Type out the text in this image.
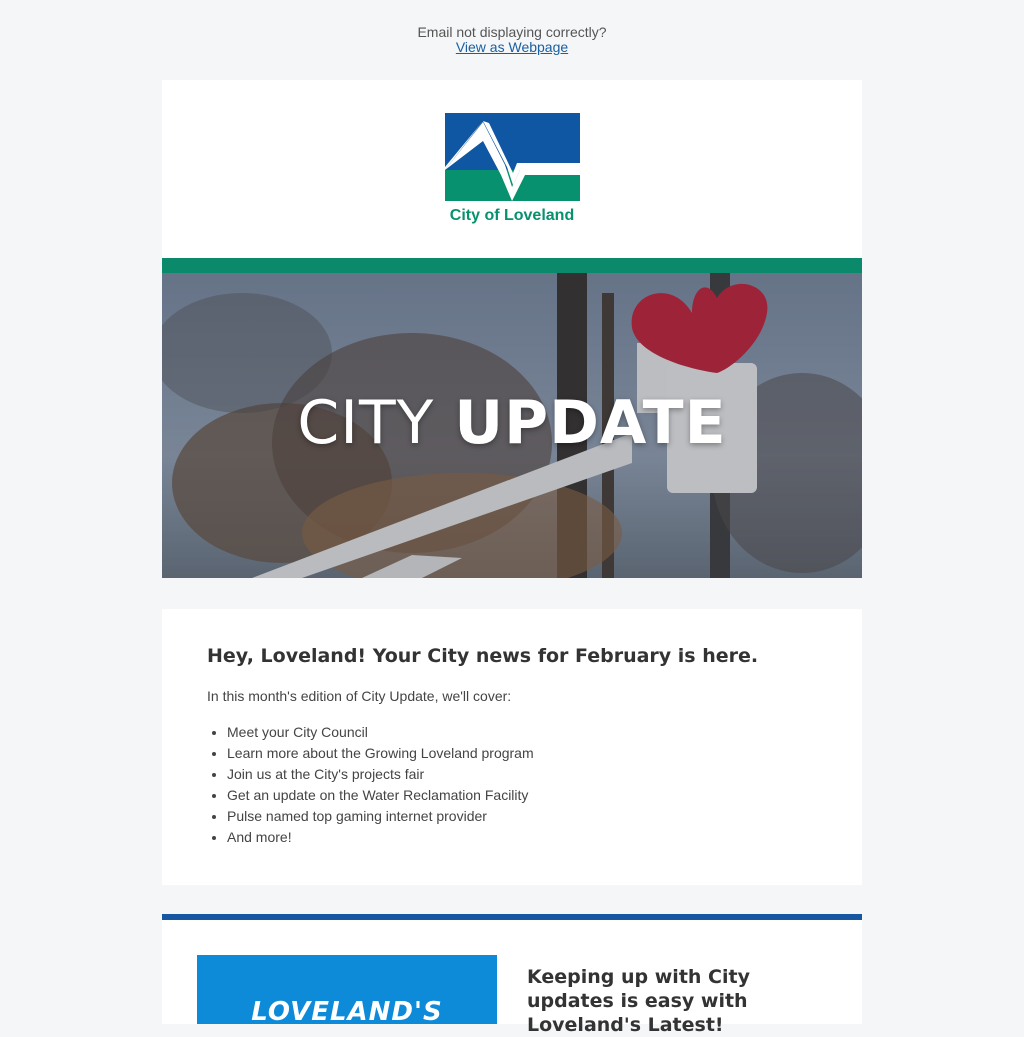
Email not displaying correctly?
View as Webpage
City of Loveland
CITY UPDATE
Hey, Loveland! Your City news for February is here.

In this month's edition of City Update, we'll cover:

• Meet your City Council
• Learn more about the Growing Loveland program
• Join us at the City's projects fair
• Get an update on the Water Reclamation Facility
• Pulse named top gaming internet provider
• And more!
LOVELAND'S
Keeping up with City updates is easy with Loveland's Latest!
